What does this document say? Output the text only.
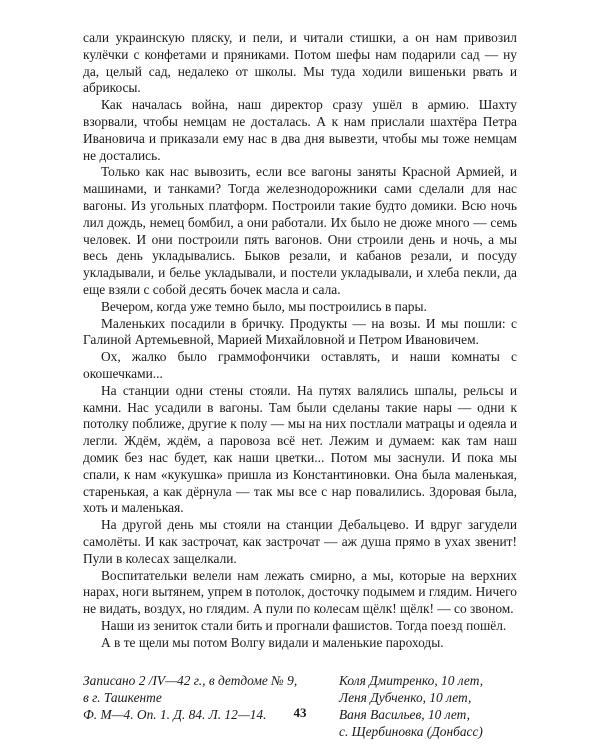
сали украинскую пляску, и пели, и читали стишки, а он нам привозил кулёчки с конфетами и пряниками. Потом шефы нам подарили сад — ну да, целый сад, недалеко от школы. Мы туда ходили вишеньки рвать и абрикосы.

Как началась война, наш директор сразу ушёл в армию. Шахту взорвали, чтобы немцам не досталась. А к нам прислали шахтёра Петра Ивановича и приказали ему нас в два дня вывезти, чтобы мы тоже немцам не достались.

Только как нас вывозить, если все вагоны заняты Красной Армией, и машинами, и танками? Тогда железнодорожники сами сделали для нас вагоны. Из угольных платформ. Построили такие будто домики. Всю ночь лил дождь, немец бомбил, а они работали. Их было не дюже много — семь человек. И они построили пять вагонов. Они строили день и ночь, а мы весь день укладывались. Быков резали, и кабанов резали, и посуду укладывали, и белье укладывали, и постели укладывали, и хлеба пекли, да еще взяли с собой десять бочек масла и сала.

Вечером, когда уже темно было, мы построились в пары.

Маленьких посадили в бричку. Продукты — на возы. И мы пошли: с Галиной Артемьевной, Марией Михайловной и Петром Ивановичем.

Ох, жалко было граммофончики оставлять, и наши комнаты с окошечками...

На станции одни стены стояли. На путях валялись шпалы, рельсы и камни. Нас усадили в вагоны. Там были сделаны такие нары — одни к потолку поближе, другие к полу — мы на них постлали матрацы и одеяла и легли. Ждём, ждём, а паровоза всё нет. Лежим и думаем: как там наш домик без нас будет, как наши цветки... Потом мы заснули. И пока мы спали, к нам «кукушка» пришла из Константиновки. Она была маленькая, старенькая, а как дёрнула — так мы все с нар повалились. Здоровая была, хоть и маленькая.

На другой день мы стояли на станции Дебальцево. И вдруг загудели самолёты. И как застрочат, как застрочат — аж душа прямо в ухах звенит! Пули в колесах защелкали.

Воспитательки велели нам лежать смирно, а мы, которые на верхних нарах, ноги вытянем, упрем в потолок, досточку подымем и глядим. Ничего не видать, воздух, но глядим. А пули по колесам щёлк! щёлк! — со звоном.

Наши из зениток стали бить и прогнали фашистов. Тогда поезд пошёл.

А в те щели мы потом Волгу видали и маленькие пароходы.

Записано 2 /IV—42 г., в детдоме № 9,
в г. Ташкенте
Ф. М—4. Оп. 1. Д. 84. Л. 12—14.
Коля Дмитренко, 10 лет,
Леня Дубченко, 10 лет,
Ваня Васильев, 10 лет,
с. Щербиновка (Донбасс)
43
